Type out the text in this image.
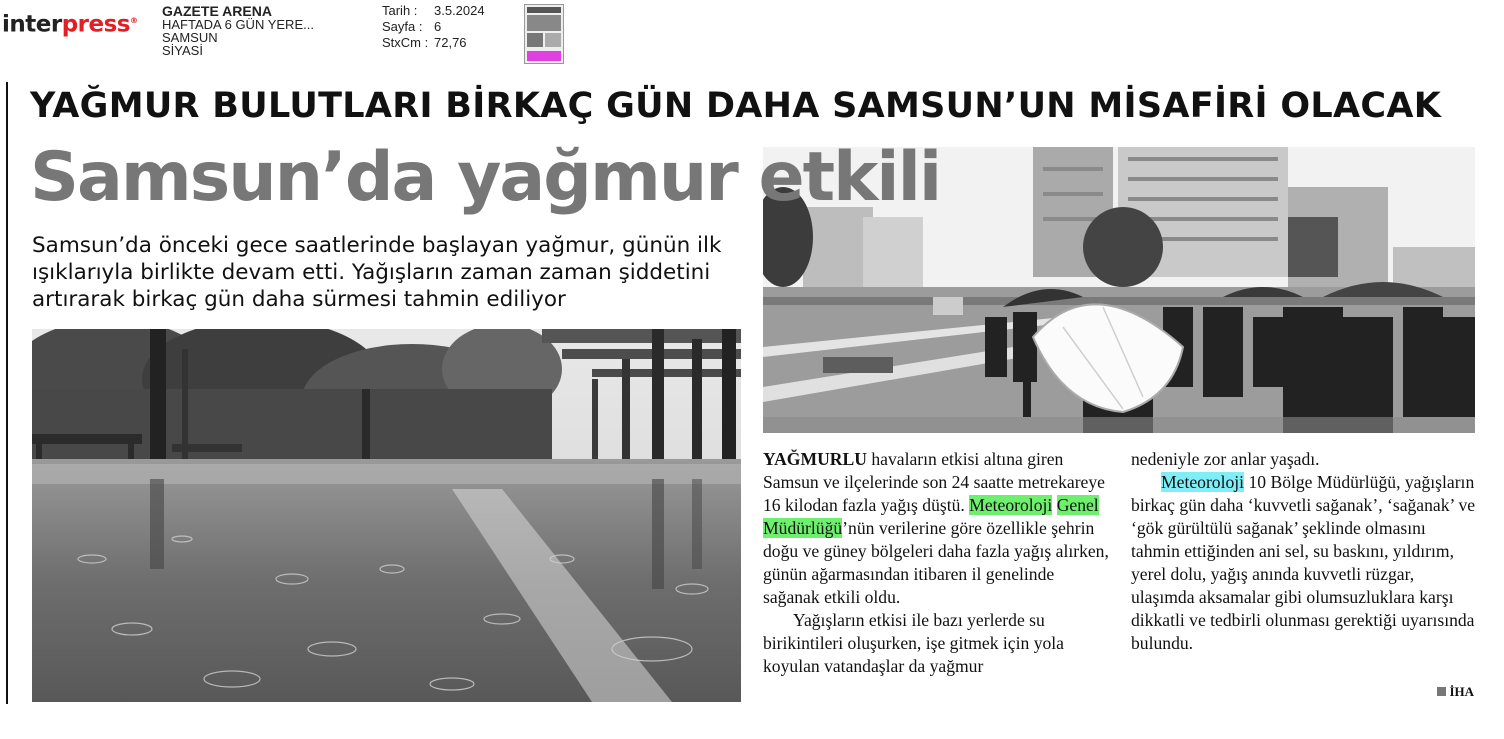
interpress®
GAZETE ARENA
HAFTADA 6 GÜN YERE...
SAMSUN
SİYASİ
Tarih :	3.5.2024
Sayfa : 6
StxCm : 72,76
YAĞMUR BULUTLARI BİRKAÇ GÜN DAHA SAMSUN’UN MİSAFİRİ OLACAK
Samsun’da yağmur etkili
Samsun’da önceki gece saatlerinde başlayan yağmur, günün ilk ışıklarıyla birlikte devam etti. Yağışların zaman zaman şiddetini artırarak birkaç gün daha sürmesi tahmin ediliyor

YAĞMURLU havaların etkisi altına giren Samsun ve ilçelerinde son 24 saatte metrekareye 16 kilodan fazla yağış düştü. Meteoroloji Genel Müdürlüğü’nün verilerine göre özellikle şehrin doğu ve güney bölgeleri daha fazla yağış alırken, günün ağarmasından itibaren il genelinde sağanak etkili oldu.

Yağışların etkisi ile bazı yerlerde su birikintileri oluşurken, işe gitmek için yola koyulan vatandaşlar da yağmur

nedeniyle zor anlar yaşadı.

Meteoroloji 10 Bölge Müdürlüğü, yağışların birkaç gün daha ‘kuvvetli sağanak’, ‘sağanak’ ve ‘gök gürültülü sağanak’ şeklinde olmasını tahmin ettiğinden ani sel, su baskını, yıldırım, yerel dolu, yağış anında kuvvetli rüzgar, ulaşımda aksamalar gibi olumsuzluklara karşı dikkatli ve tedbirli olunması gerektiği uyarısında bulundu.

İHA
